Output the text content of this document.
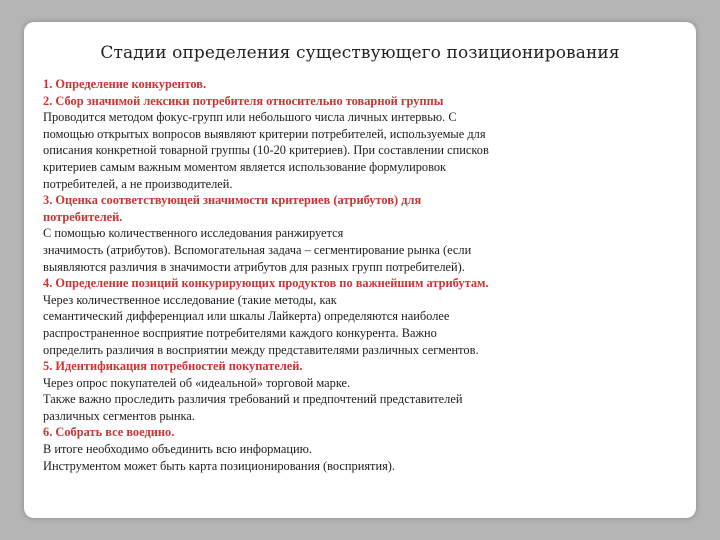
Стадии определения существующего позиционирования
1. Определение конкурентов.
2. Сбор значимой лексики потребителя относительно товарной группы
Проводится методом фокус-групп или небольшого числа личных интервью. С
помощью открытых вопросов выявляют критерии потребителей, используемые для
описания конкретной товарной группы (10-20 критериев). При составлении списков
критериев самым важным моментом является использование формулировок
потребителей, а не производителей.
3. Оценка соответствующей значимости критериев (атрибутов) для
потребителей.
С помощью количественного исследования ранжируется
значимость (атрибутов). Вспомогательная задача – сегментирование рынка (если
выявляются различия в значимости атрибутов для разных групп потребителей).
4. Определение позиций конкурирующих продуктов по важнейшим атрибутам.
Через количественное исследование (такие методы, как
семантический дифференциал или шкалы Лайкерта) определяются наиболее
распространенное восприятие потребителями каждого конкурента. Важно
определить различия в восприятии между представителями различных сегментов.
5. Идентификация потребностей покупателей.
Через опрос покупателей об «идеальной» торговой марке.
Также важно проследить различия требований и предпочтений представителей
различных сегментов рынка.
6. Собрать все воедино.
В итоге необходимо объединить всю информацию.
Инструментом может быть карта позиционирования (восприятия).
